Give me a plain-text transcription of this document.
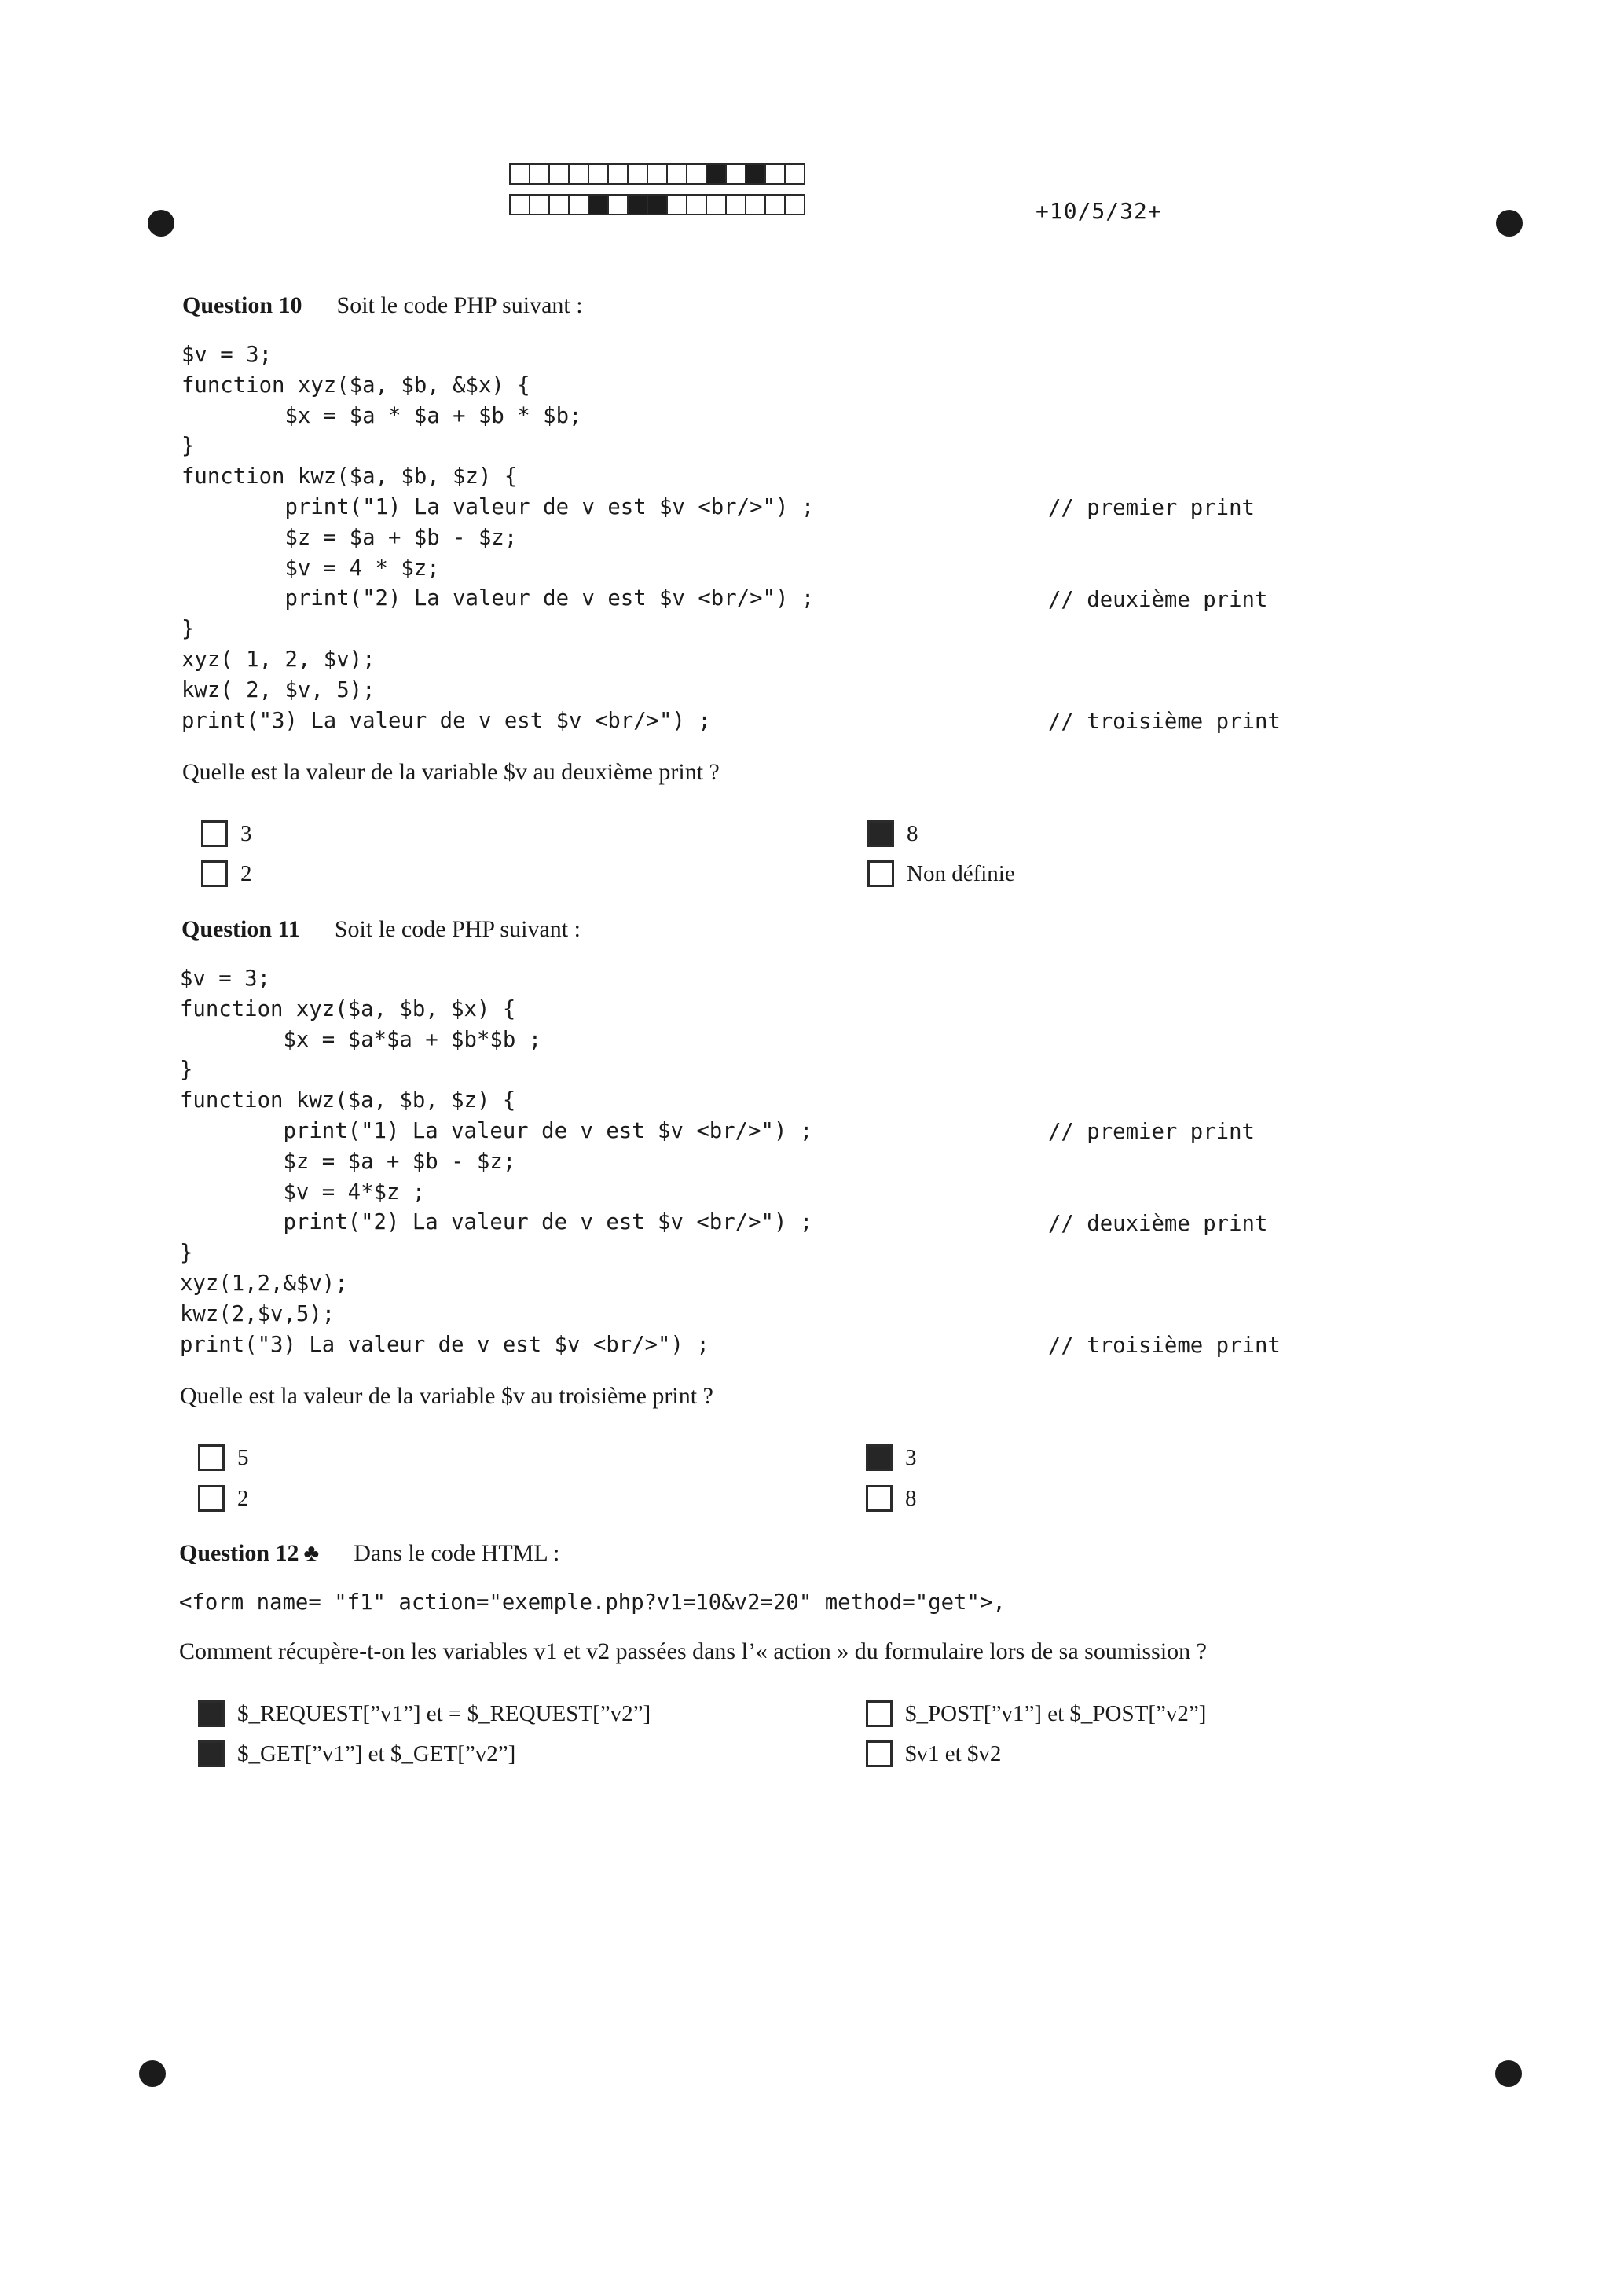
+10/5/32+
Question 10 Soit le code PHP suivant :
$v = 3;
function xyz($a, $b, &$x) {
$x = $a * $a + $b * $b;
}
function kwz($a, $b, $z) {
print("1) La valeur de v est $v <br/>") ;
$z = $a + $b - $z;
$v = 4 * $z;
print("2) La valeur de v est $v <br/>") ;
}
xyz( 1, 2, $v);
kwz( 2, $v, 5);
print("3) La valeur de v est $v <br/>") ;
// premier print
// deuxième print
// troisième print
Quelle est la valeur de la variable $v au deuxième print ?
3
2
8
Non définie
Question 11 Soit le code PHP suivant :
$v = 3;
function xyz($a, $b, $x) {
$x = $a*$a + $b*$b ;
}
function kwz($a, $b, $z) {
print("1) La valeur de v est $v <br/>") ;
$z = $a + $b - $z;
$v = 4*$z ;
print("2) La valeur de v est $v <br/>") ;
}
xyz(1,2,&$v);
kwz(2,$v,5);
print("3) La valeur de v est $v <br/>") ;
// premier print
// deuxième print
// troisième print
Quelle est la valeur de la variable $v au troisième print ?
5
2
3
8
Question 12 ♣ Dans le code HTML :
<form name= "f1" action="exemple.php?v1=10&v2=20" method="get">,
Comment récupère-t-on les variables v1 et v2 passées dans l’« action » du formulaire lors de sa soumission ?
$_REQUEST[”v1”] et = $_REQUEST[”v2”]
$_GET[”v1”] et $_GET[”v2”]
$_POST[”v1”] et $_POST[”v2”]
$v1 et $v2
